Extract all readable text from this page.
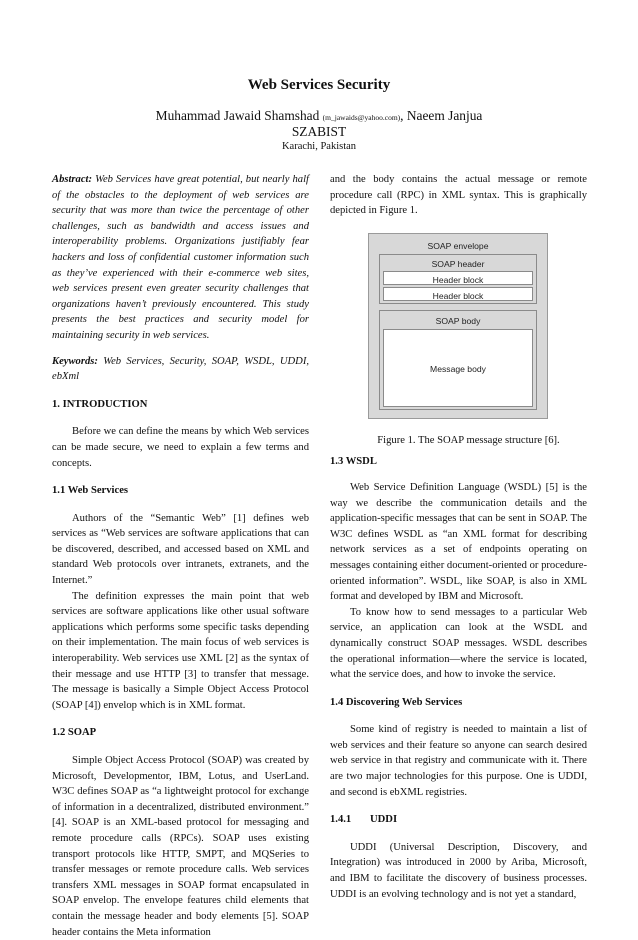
Web Services Security
Muhammad Jawaid Shamshad (m_jawaids@yahoo.com), Naeem Janjua
SZABIST
Karachi, Pakistan

Abstract: Web Services have great potential, but nearly half of the obstacles to the deployment of web services are security that was more than twice the percentage of other challenges, such as bandwidth and access issues and interoperability problems. Organizations justifiably fear hackers and loss of confidential customer information such as they’ve experienced with their e-commerce web sites, web services present even greater security challenges that organizations haven’t previously encountered. This study presents the best practices and security model for maintaining security in web services.

Keywords: Web Services, Security, SOAP, WSDL, UDDI, ebXml

1. INTRODUCTION

Before we can define the means by which Web services can be made secure, we need to explain a few terms and concepts.

1.1 Web Services

Authors of the “Semantic Web” [1] defines web services as “Web services are software applications that can be discovered, described, and accessed based on XML and standard Web protocols over intranets, extranets, and the Internet.”

The definition expresses the main point that web services are software applications like other usual software applications which performs some specific tasks depending on their implementation. The main focus of web services is interoperability. Web services use XML [2] as the syntax of their message and use HTTP [3] to transfer that message. The message is basically a Simple Object Access Protocol (SOAP [4]) envelop which is in XML format.

1.2 SOAP

Simple Object Access Protocol (SOAP) was created by Microsoft, Developmentor, IBM, Lotus, and UserLand. W3C defines SOAP as “a lightweight protocol for exchange of information in a decentralized, distributed environment.” [4]. SOAP is an XML-based protocol for messaging and remote procedure calls (RPCs). SOAP uses existing transport protocols like HTTP, SMPT, and MQSeries to transfer messages or remote procedure calls. Web services transfers XML messages in SOAP format encapsulated in SOAP envelop. The envelope features child elements that contain the message header and body elements [5]. SOAP header contains the Meta information

and the body contains the actual message or remote procedure call (RPC) in XML syntax. This is graphically depicted in Figure 1.

SOAP envelope
SOAP header
Header block
Header block
SOAP body
Message body

Figure 1. The SOAP message structure [6].

1.3 WSDL

Web Service Definition Language (WSDL) [5] is the way we describe the communication details and the application-specific messages that can be sent in SOAP. The W3C defines WSDL as “an XML format for describing network services as a set of endpoints operating on messages containing either document-oriented or procedure-oriented information”. WSDL, like SOAP, is also in XML format and developed by IBM and Microsoft.

To know how to send messages to a particular Web service, an application can look at the WSDL and dynamically construct SOAP messages. WSDL describes the operational information—where the service is located, what the service does, and how to invoke the service.

1.4 Discovering Web Services

Some kind of registry is needed to maintain a list of web services and their feature so anyone can search desired web service in that registry and communicate with it. There are two major technologies for this purpose. One is UDDI, and second is ebXML registries.

1.4.1 UDDI

UDDI (Universal Description, Discovery, and Integration) was introduced in 2000 by Ariba, Microsoft, and IBM to facilitate the discovery of business processes. UDDI is an evolving technology and is not yet a standard,
